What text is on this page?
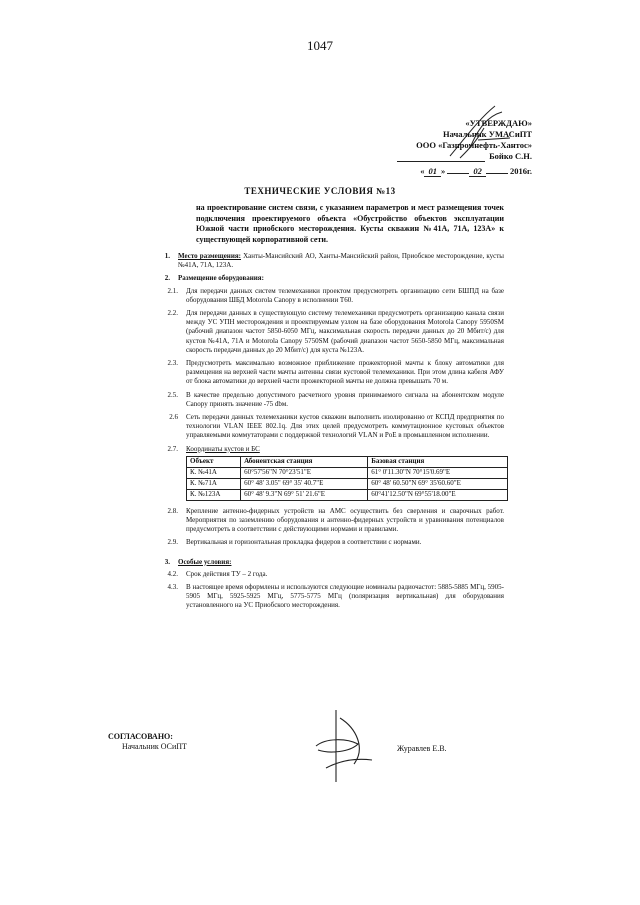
1047
«УТВЕРЖДАЮ»
Начальник УМАСиПТ
ООО «Газпромнефть-Хантос»
Бойко С.Н.
« 01 »	02	2016г.
ТЕХНИЧЕСКИЕ УСЛОВИЯ №13
на проектирование систем связи, с указанием параметров и мест размещения точек подключения проектируемого объекта «Обустройство объектов эксплуатации Южной части приобского месторождения. Кусты скважин №41А, 71А, 123А» к существующей корпоративной сети.
1.	Место размещения: Ханты-Мансийский АО, Ханты-Мансийский район, Приобское месторождение, кусты №41А, 71А, 123А.
2.	Размещение оборудования:
2.1.	Для передачи данных систем телемеханики проектом предусмотреть организацию сети БШПД на базе оборудования ШБД Motorola Canopy в исполнении Т60.
2.2.	Для передачи данных в существующую систему телемеханики предусмотреть организацию канала связи между УС УПН месторождения и проектируемым узлом на базе оборудования Motorola Canopy 5950SM (рабочий диапазон частот 5850-6050 МГц, максимальная скорость передачи данных до 20 Мбит/с) для кустов №41А, 71А и Motorola Canopy 5750SM (рабочий диапазон частот 5650-5850 МГц, максимальная скорость передачи данных до 20 Мбит/с) для куста №123А.
2.3.	Предусмотреть максимально возможное приближение прожекторной мачты к блоку автоматики для размещения на верхней части мачты антенны связи кустовой телемеханики. При этом длина кабеля АФУ от блока автоматики до верхней части прожекторной мачты не должна превышать 70 м.
2.5.	В качестве предельно допустимого расчетного уровня принимаемого сигнала на абонентском модуле Canopy принять значение -75 dbм.
2.6	Сеть передачи данных телемеханики кустов скважин выполнить изолированно от КСПД предприятия по технологии VLAN IEEE 802.1q. Для этих целей предусмотреть коммутационное кустовых объектов управляемыми коммутаторами с поддержкой технологий VLAN и PoE в промышленном исполнении.
2.7.	Координаты кустов и БС
Объект	Абонентская станция	Базовая станция
К. №41А	60°57'56"N 70°23'51"E	61° 0'11.30"N 70°15'0.69"E
К. №71А	60° 48' 3.05" 69° 35' 40.7"E	60° 48' 60.50"N 69° 35'60.60"E
К. №123А	60° 48' 9.3"N 69° 51' 21.6"E	60°41'12.50"N 69°55'18.00"E
2.8.	Крепление антенно-фидерных устройств на АМС осуществить без сверления и сварочных работ. Мероприятия по заземлению оборудования и антенно-фидерных устройств и уравнивания потенциалов предусмотреть в соответствии с действующими нормами и правилами.
2.9.	Вертикальная и горизонтальная прокладка фидеров в соответствии с нормами.
3.	Особые условия:
4.2.	Срок действия ТУ – 2 года.
4.3.	В настоящее время оформлены и используются следующие номиналы радиочастот: 5885-5885 МГц, 5905-5905 МГц, 5925-5925 МГц, 5775-5775 МГц (поляризация вертикальная) для оборудования установленного на УС Приобского месторождения.
СОГЛАСОВАНО:
Начальник ОСиПТ	Журавлев Е.В.
